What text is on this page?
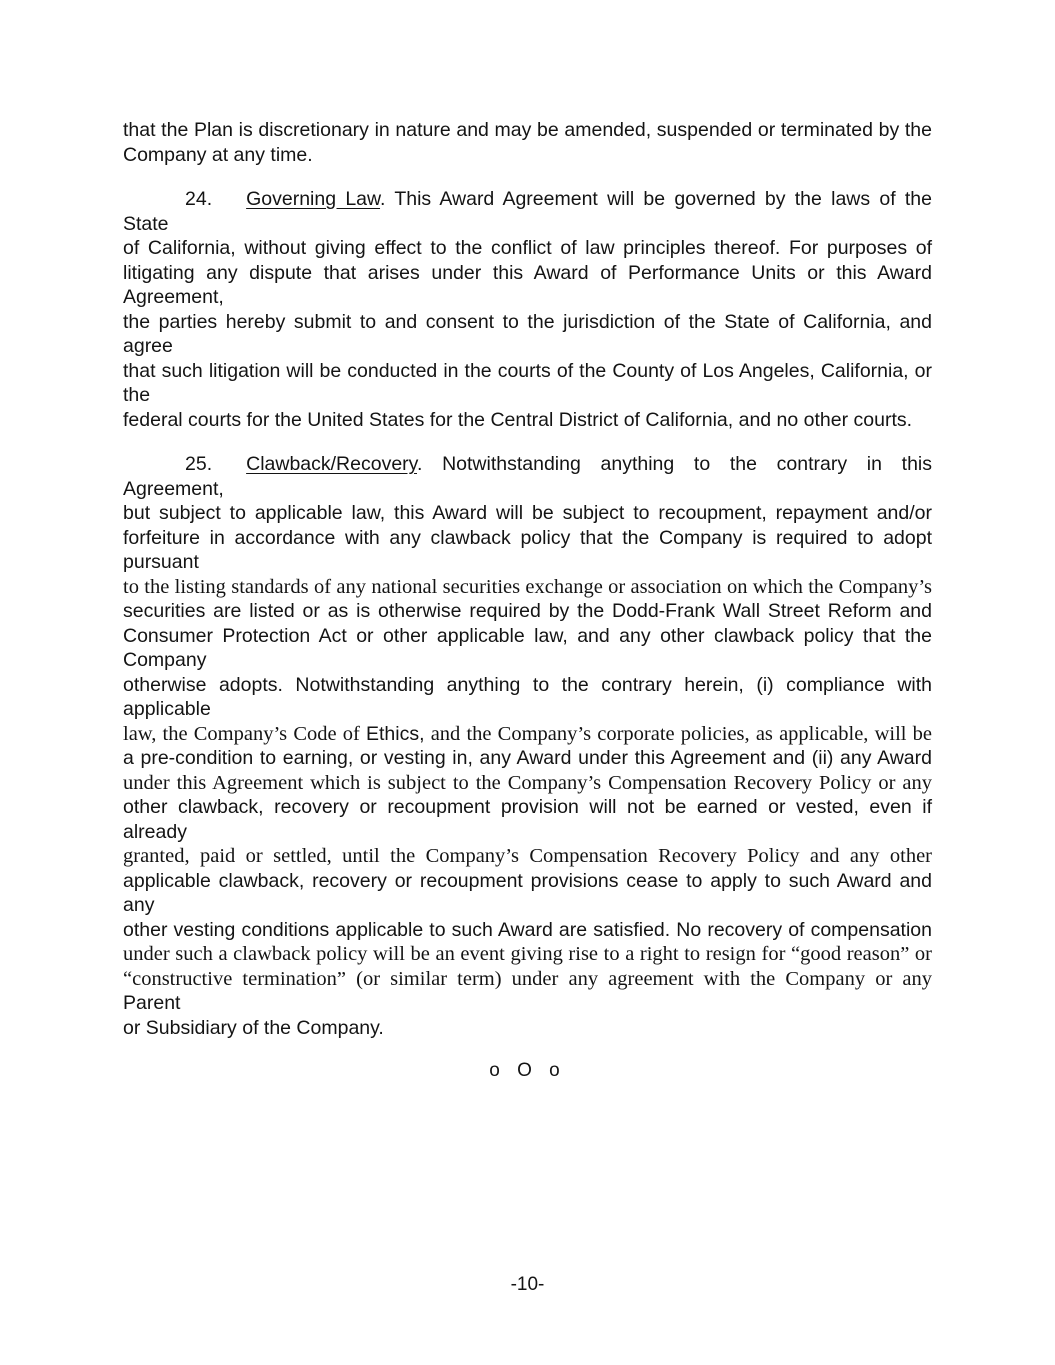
that the Plan is discretionary in nature and may be amended, suspended or terminated by the
Company at any time.
24. Governing Law. This Award Agreement will be governed by the laws of the State
of California, without giving effect to the conflict of law principles thereof. For purposes of
litigating any dispute that arises under this Award of Performance Units or this Award Agreement,
the parties hereby submit to and consent to the jurisdiction of the State of California, and agree
that such litigation will be conducted in the courts of the County of Los Angeles, California, or the
federal courts for the United States for the Central District of California, and no other courts.
25. Clawback/Recovery. Notwithstanding anything to the contrary in this Agreement,
but subject to applicable law, this Award will be subject to recoupment, repayment and/or
forfeiture in accordance with any clawback policy that the Company is required to adopt pursuant
to the listing standards of any national securities exchange or association on which the Company’s
securities are listed or as is otherwise required by the Dodd-Frank Wall Street Reform and
Consumer Protection Act or other applicable law, and any other clawback policy that the Company
otherwise adopts. Notwithstanding anything to the contrary herein, (i) compliance with applicable
law, the Company’s Code of Ethics, and the Company’s corporate policies, as applicable, will be
a pre-condition to earning, or vesting in, any Award under this Agreement and (ii) any Award
under this Agreement which is subject to the Company’s Compensation Recovery Policy or any
other clawback, recovery or recoupment provision will not be earned or vested, even if already
granted, paid or settled, until the Company’s Compensation Recovery Policy and any other
applicable clawback, recovery or recoupment provisions cease to apply to such Award and any
other vesting conditions applicable to such Award are satisfied. No recovery of compensation
under such a clawback policy will be an event giving rise to a right to resign for “good reason” or
“constructive termination” (or similar term) under any agreement with the Company or any Parent
or Subsidiary of the Company.
o O o
-10-
